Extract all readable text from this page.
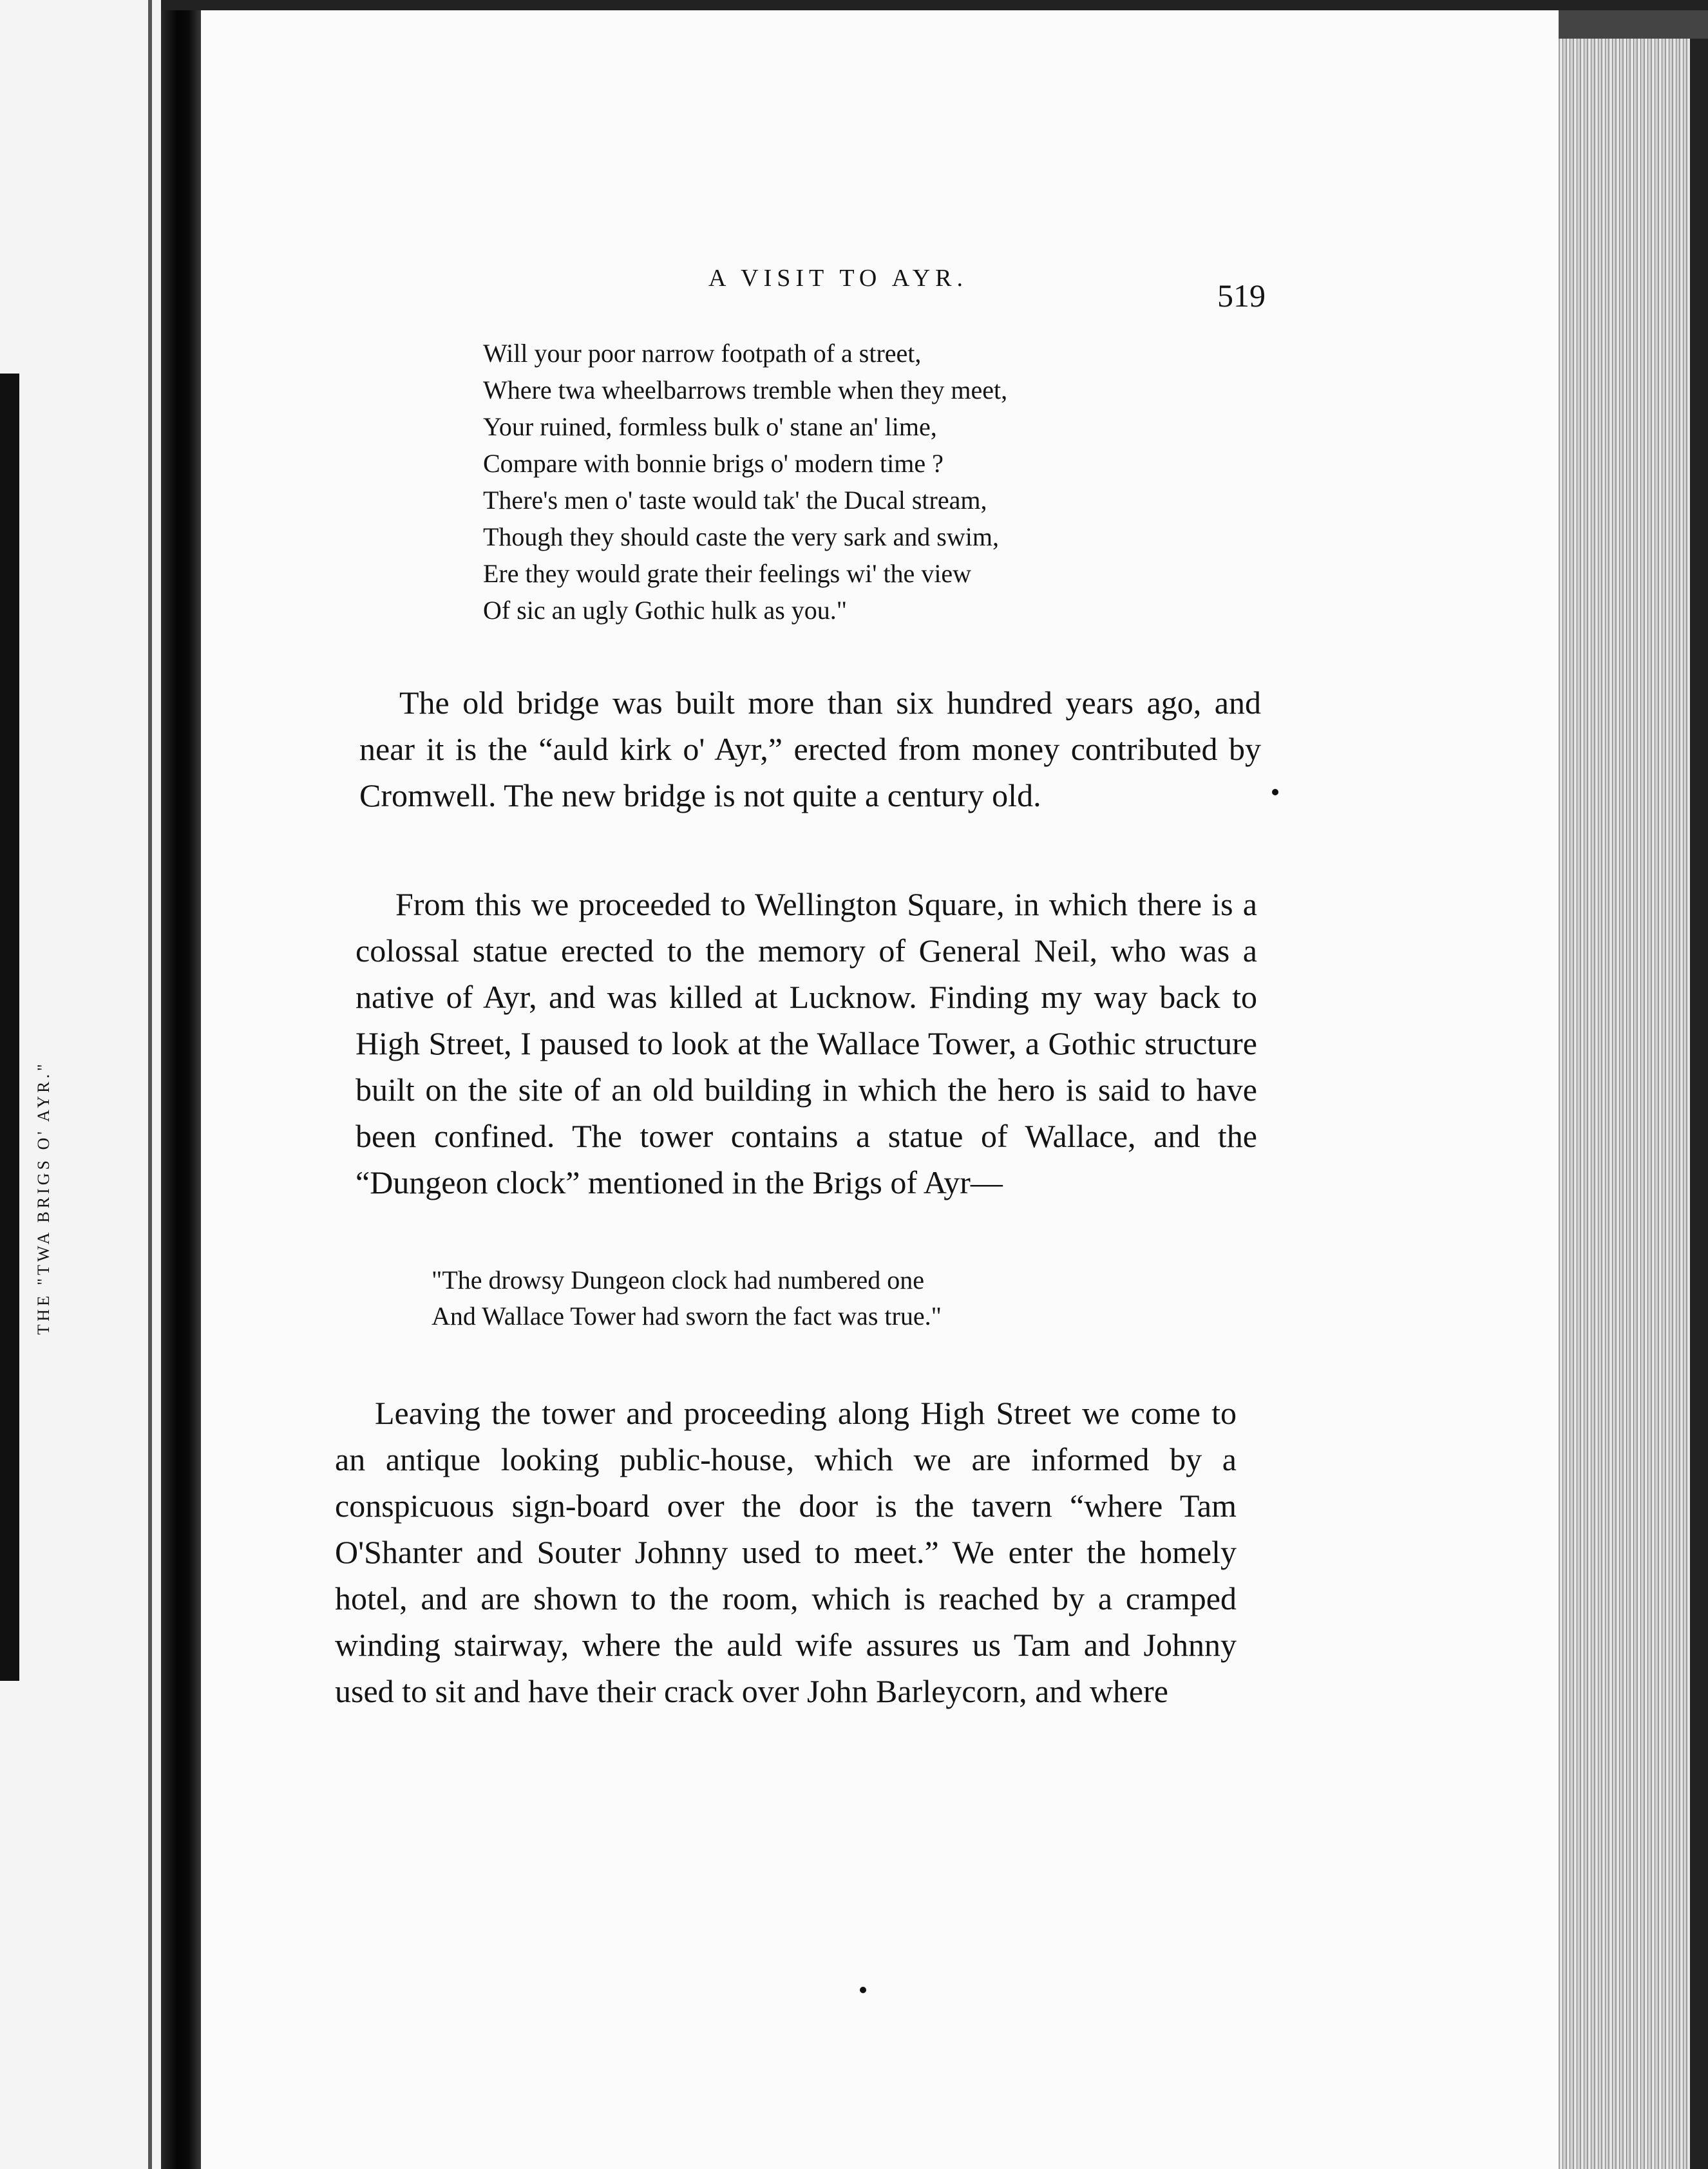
THE "TWA BRIGS O' AYR."
A VISIT TO AYR.	519
Will your poor narrow footpath of a street,
Where twa wheelbarrows tremble when they meet,
Your ruined, formless bulk o' stane an' lime,
Compare with bonnie brigs o' modern time ?
There's men o' taste would tak' the Ducal stream,
Though they should caste the very sark and swim,
Ere they would grate their feelings wi' the view
Of sic an ugly Gothic hulk as you."

The old bridge was built more than six hundred years ago, and near it is the “auld kirk o' Ayr,” erected from money contributed by Cromwell. The new bridge is not quite a century old.

From this we proceeded to Wellington Square, in which there is a colossal statue erected to the memory of General Neil, who was a native of Ayr, and was killed at Lucknow. Finding my way back to High Street, I paused to look at the Wallace Tower, a Gothic structure built on the site of an old building in which the hero is said to have been confined. The tower contains a statue of Wallace, and the “Dungeon clock” mentioned in the Brigs of Ayr—

"The drowsy Dungeon clock had numbered one
And Wallace Tower had sworn the fact was true."

Leaving the tower and proceeding along High Street we come to an antique looking public-house, which we are informed by a conspicuous sign-board over the door is the tavern “where Tam O'Shanter and Souter Johnny used to meet.” We enter the homely hotel, and are shown to the room, which is reached by a cramped winding stairway, where the auld wife assures us Tam and Johnny used to sit and have their crack over John Barleycorn, and where
